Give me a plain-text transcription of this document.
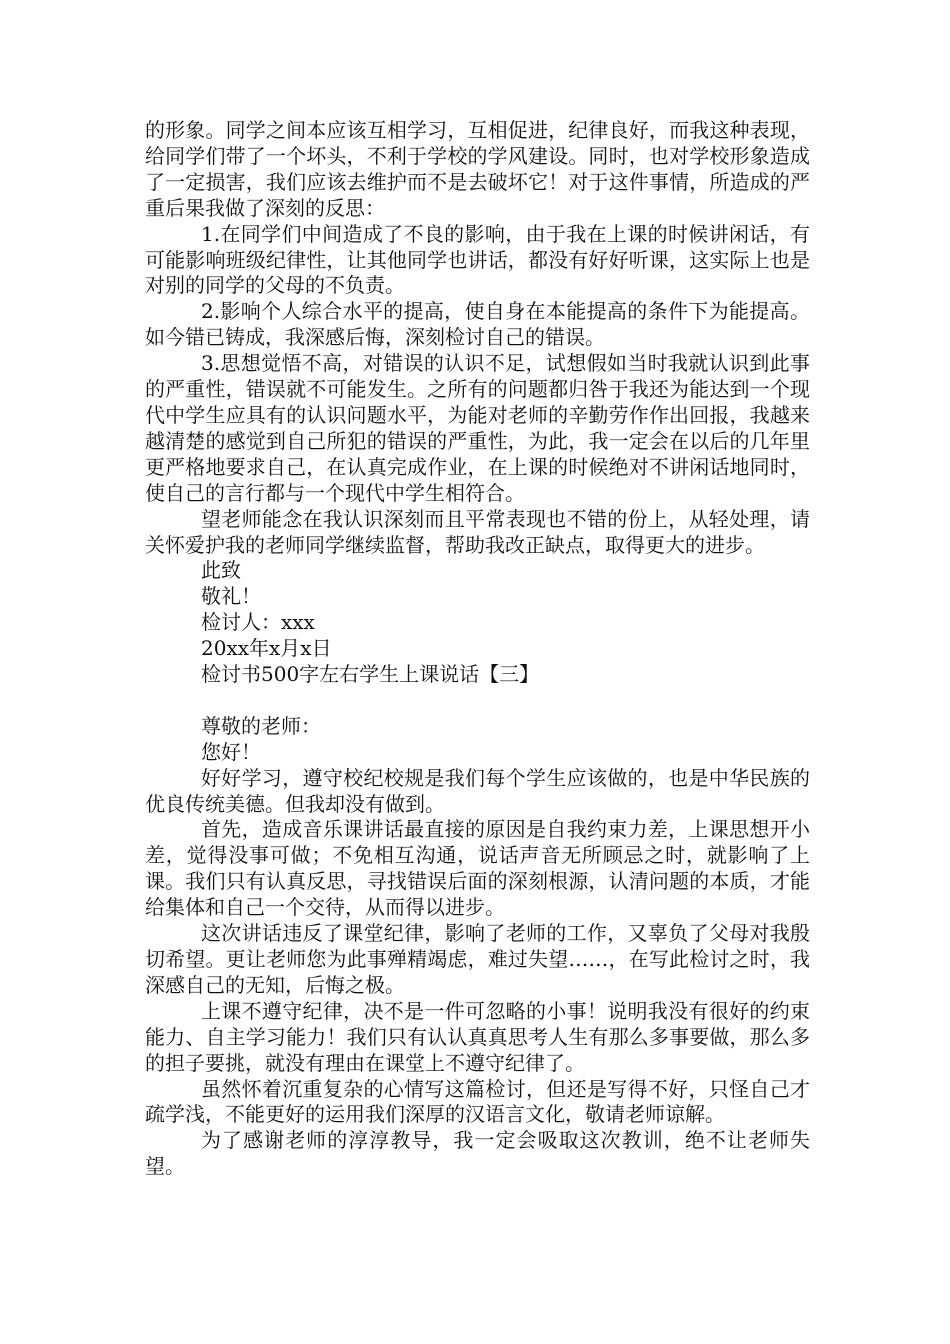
的形象。同学之间本应该互相学习，互相促进，纪律良好，而我这种表现，给同学们带了一个坏头，不利于学校的学风建设。同时，也对学校形象造成了一定损害，我们应该去维护而不是去破坏它！对于这件事情，所造成的严重后果我做了深刻的反思：

1.在同学们中间造成了不良的影响，由于我在上课的时候讲闲话，有可能影响班级纪律性，让其他同学也讲话，都没有好好听课，这实际上也是对别的同学的父母的不负责。

2.影响个人综合水平的提高，使自身在本能提高的条件下为能提高。如今错已铸成，我深感后悔，深刻检讨自己的错误。

3.思想觉悟不高，对错误的认识不足，试想假如当时我就认识到此事的严重性，错误就不可能发生。之所有的问题都归咎于我还为能达到一个现代中学生应具有的认识问题水平，为能对老师的辛勤劳作作出回报，我越来越清楚的感觉到自己所犯的错误的严重性，为此，我一定会在以后的几年里更严格地要求自己，在认真完成作业，在上课的时候绝对不讲闲话地同时，使自己的言行都与一个现代中学生相符合。

望老师能念在我认识深刻而且平常表现也不错的份上，从轻处理，请关怀爱护我的老师同学继续监督，帮助我改正缺点，取得更大的进步。

此致
敬礼！
检讨人：xxx
20xx年x月x日
检讨书500字左右学生上课说话【三】
尊敬的老师：
您好！

好好学习，遵守校纪校规是我们每个学生应该做的，也是中华民族的优良传统美德。但我却没有做到。

首先，造成音乐课讲话最直接的原因是自我约束力差，上课思想开小差，觉得没事可做；不免相互沟通，说话声音无所顾忌之时，就影响了上课。我们只有认真反思，寻找错误后面的深刻根源，认清问题的本质，才能给集体和自己一个交待，从而得以进步。

这次讲话违反了课堂纪律，影响了老师的工作，又辜负了父母对我殷切希望。更让老师您为此事殚精竭虑，难过失望……，在写此检讨之时，我深感自己的无知，后悔之极。

上课不遵守纪律，决不是一件可忽略的小事！说明我没有很好的约束能力、自主学习能力！我们只有认认真真思考人生有那么多事要做，那么多的担子要挑，就没有理由在课堂上不遵守纪律了。

虽然怀着沉重复杂的心情写这篇检讨，但还是写得不好，只怪自己才疏学浅，不能更好的运用我们深厚的汉语言文化，敬请老师谅解。

为了感谢老师的淳淳教导，我一定会吸取这次教训，绝不让老师失望。
